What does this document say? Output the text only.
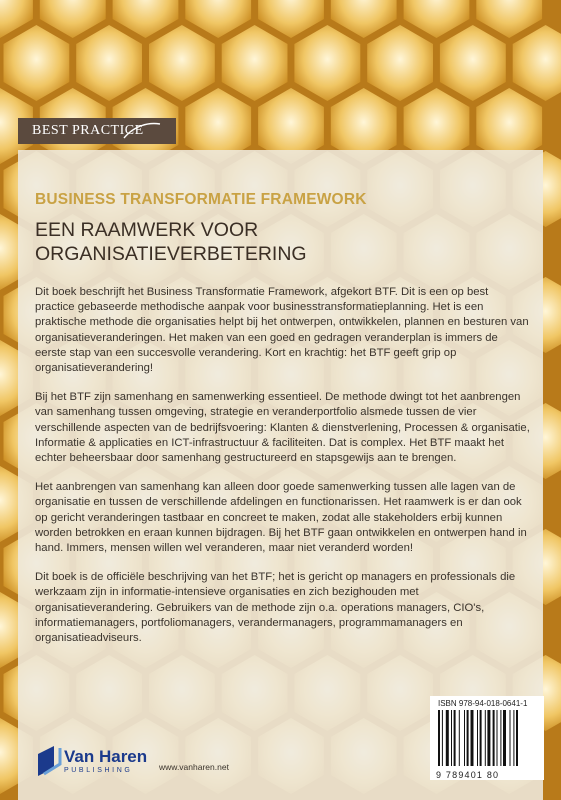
BEST PRACTICE
BUSINESS TRANSFORMATIE FRAMEWORK
EEN RAAMWERK VOOR
ORGANISATIEVERBETERING

Dit boek beschrijft het Business Transformatie Framework, afgekort BTF. Dit is een op best practice gebaseerde methodische aanpak voor businesstransformatieplanning. Het is een praktische methode die organisaties helpt bij het ontwerpen, ontwikkelen, plannen en besturen van organisatieveranderingen. Het maken van een goed en gedragen veranderplan is immers de eerste stap van een succesvolle verandering. Kort en krachtig: het BTF geeft grip op organisatieverandering!

Bij het BTF zijn samenhang en samenwerking essentieel. De methode dwingt tot het aanbrengen van samenhang tussen omgeving, strategie en veranderportfolio alsmede tussen de vier verschillende aspecten van de bedrijfsvoering: Klanten & dienstverlening, Processen & organisatie, Informatie & applicaties en ICT-infrastructuur & faciliteiten. Dat is complex. Het BTF maakt het echter beheersbaar door samenhang gestructureerd en stapsgewijs aan te brengen.

Het aanbrengen van samenhang kan alleen door goede samenwerking tussen alle lagen van de organisatie en tussen de verschillende afdelingen en functionarissen. Het raamwerk is er dan ook op gericht veranderingen tastbaar en concreet te maken, zodat alle stakeholders erbij kunnen worden betrokken en eraan kunnen bijdragen. Bij het BTF gaan ontwikkelen en ontwerpen hand in hand. Immers, mensen willen wel veranderen, maar niet veranderd worden!

Dit boek is de officiële beschrijving van het BTF; het is gericht op managers en professionals die werkzaam zijn in informatie-intensieve organisaties en zich bezighouden met organisatieverandering. Gebruikers van de methode zijn o.a. operations managers, CIO's, informatiemanagers, portfoliomanagers, verandermanagers, programmamanagers en organisatieadviseurs.

ISBN 978-94-018-0641-1
9 789401 80
Van Haren
PUBLISHING	www.vanharen.net
